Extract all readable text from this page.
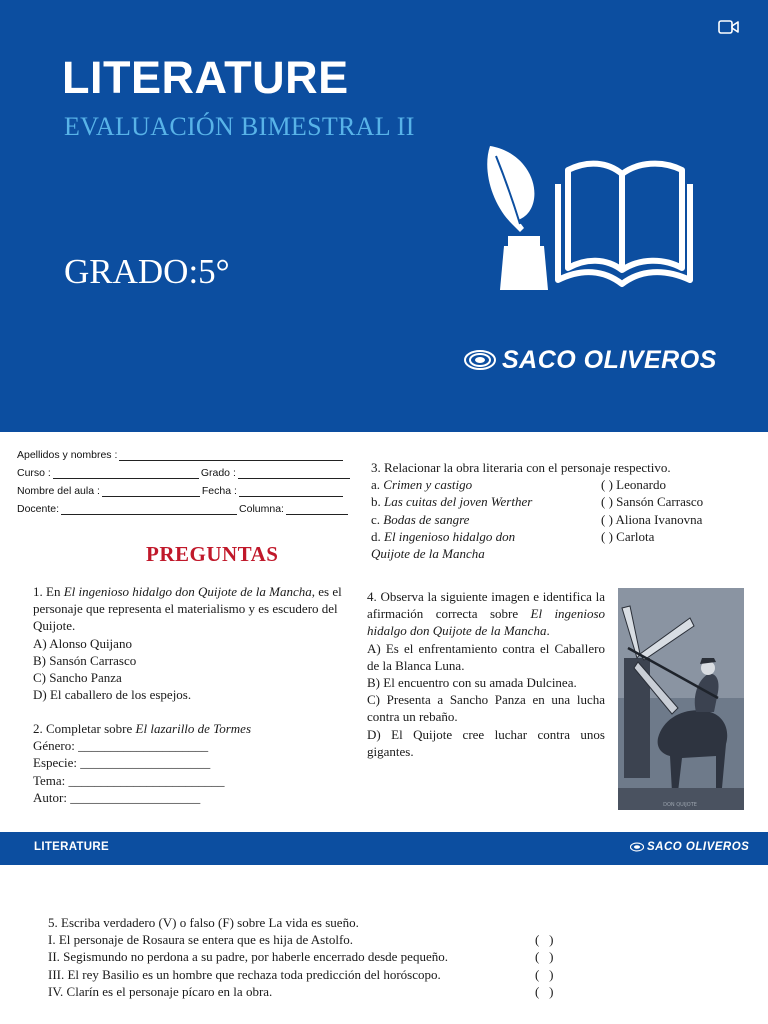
LITERATURE
EVALUACIÓN BIMESTRAL II
GRADO:5°
SACO OLIVEROS
Apellidos y nombres :
Curso :	Grado :
Nombre del aula :	Fecha :
Docente:	Columna:
PREGUNTAS
1. En El ingenioso hidalgo don Quijote de la Mancha, es el personaje que representa el materialismo y es escudero del Quijote.
A) Alonso Quijano
B) Sansón Carrasco
C) Sancho Panza
D) El caballero de los espejos.
2. Completar sobre El lazarillo de Tormes
Género: ____________________
Especie: ____________________
Tema: ________________________
Autor: ____________________
3. Relacionar la obra literaria con el personaje respectivo.
a. Crimen y castigo	( ) Leonardo
b. Las cuitas del joven Werther	( ) Sansón Carrasco
c. Bodas de sangre	( ) Aliona Ivanovna
d. El ingenioso hidalgo don	( ) Carlota
Quijote de la Mancha
4. Observa la siguiente imagen e identifica la afirmación correcta sobre El ingenioso hidalgo don Quijote de la Mancha.
A) Es el enfrentamiento contra el Caballero de la Blanca Luna.
B) El encuentro con su amada Dulcinea.
C) Presenta a Sancho Panza en una lucha contra un rebaño.
D) El Quijote cree luchar contra unos gigantes.
DON QUIJOTE
LITERATURE	SACO OLIVEROS
5. Escriba verdadero (V) o falso (F) sobre La vida es sueño.
I. El personaje de Rosaura se entera que es hija de Astolfo.	(   )
II. Segismundo no perdona a su padre, por haberle encerrado desde pequeño.	(   )
III. El rey Basilio es un hombre que rechaza toda predicción del horóscopo.	(   )
IV. Clarín es el personaje pícaro en la obra.	(   )
